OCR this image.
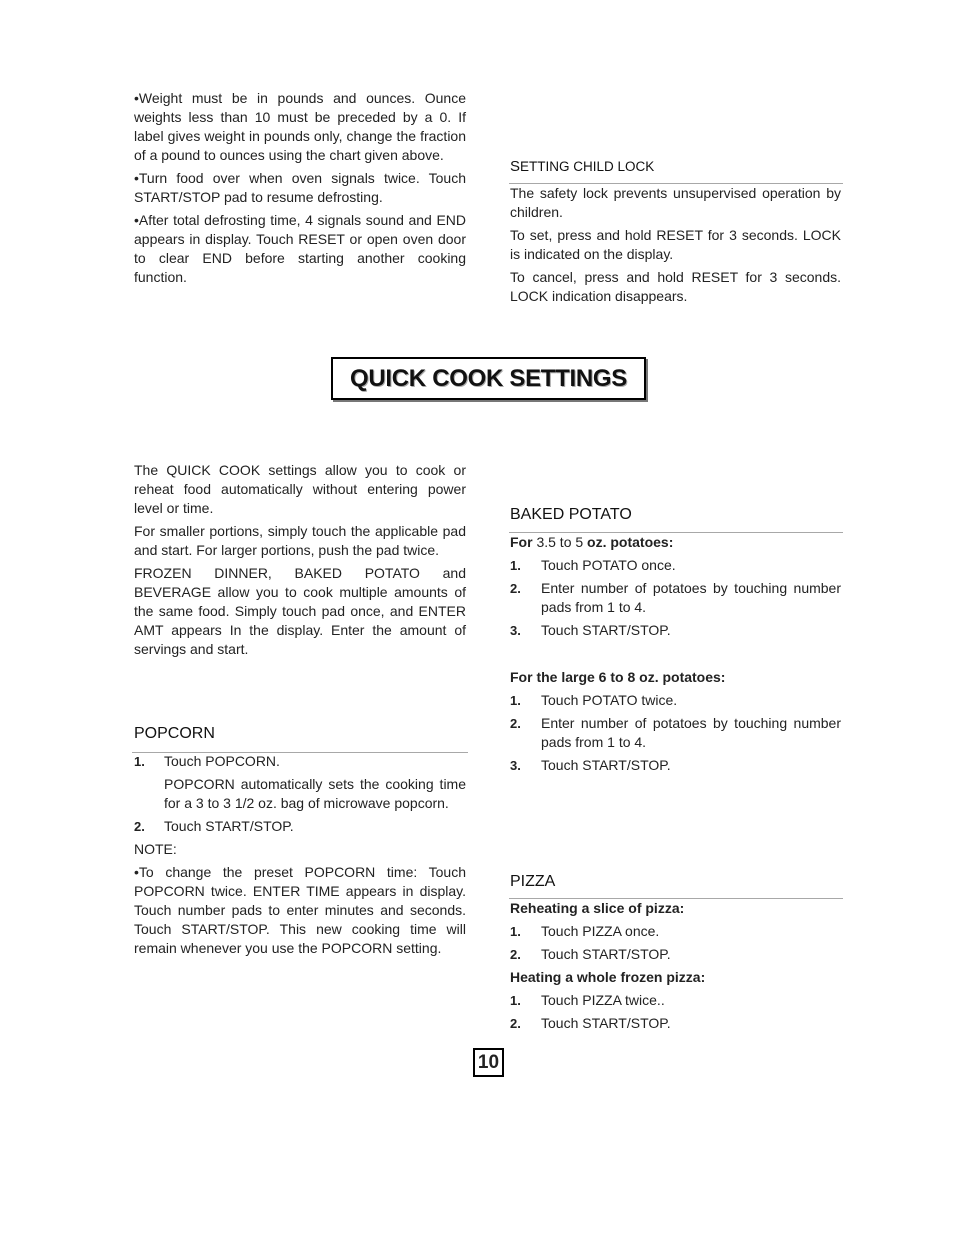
•Weight must be in pounds and ounces. Ounce weights less than 10 must be preceded by a 0. If label gives weight in pounds only, change the fraction of a pound to ounces using the chart given above.

•Turn food over when oven signals twice. Touch START/STOP pad to resume defrosting.

•After total defrosting time, 4 signals sound and END appears in display. Touch RESET or open oven door to clear END before starting another cooking function.

SETTING CHILD LOCK

The safety lock prevents unsupervised operation by children.

To set, press and hold RESET for 3 seconds. LOCK is indicated on the display.

To cancel, press and hold RESET for 3 seconds. LOCK indication disappears.

QUICK COOK SETTINGS

The QUICK COOK settings allow you to cook or reheat food automatically without entering power level or time.

For smaller portions, simply touch the applicable pad and start. For larger portions, push the pad twice.

FROZEN DINNER, BAKED POTATO and BEVERAGE allow you to cook multiple amounts of the same food. Simply touch pad once, and ENTER AMT appears In the display. Enter the amount of servings and start.

POPCORN
1. Touch POPCORN.
POPCORN automatically sets the cooking time for a 3 to 3 1/2 oz. bag of microwave popcorn.
2. Touch START/STOP.

NOTE:

•To change the preset POPCORN time: Touch POPCORN twice. ENTER TIME appears in display. Touch number pads to enter minutes and seconds. Touch START/STOP. This new cooking time will remain whenever you use the POPCORN setting.

BAKED POTATO

For 3.5 to 5 oz. potatoes:

1. Touch POTATO once.
2. Enter number of potatoes by touching number pads from 1 to 4.
3. Touch START/STOP.

For the large 6 to 8 oz. potatoes:

1. Touch POTATO twice.
2. Enter number of potatoes by touching number pads from 1 to 4.
3. Touch START/STOP.
PIZZA

Reheating a slice of pizza:

1. Touch PIZZA once.
2. Touch START/STOP.

Heating a whole frozen pizza:

1. Touch PIZZA twice..
2. Touch START/STOP.
10
